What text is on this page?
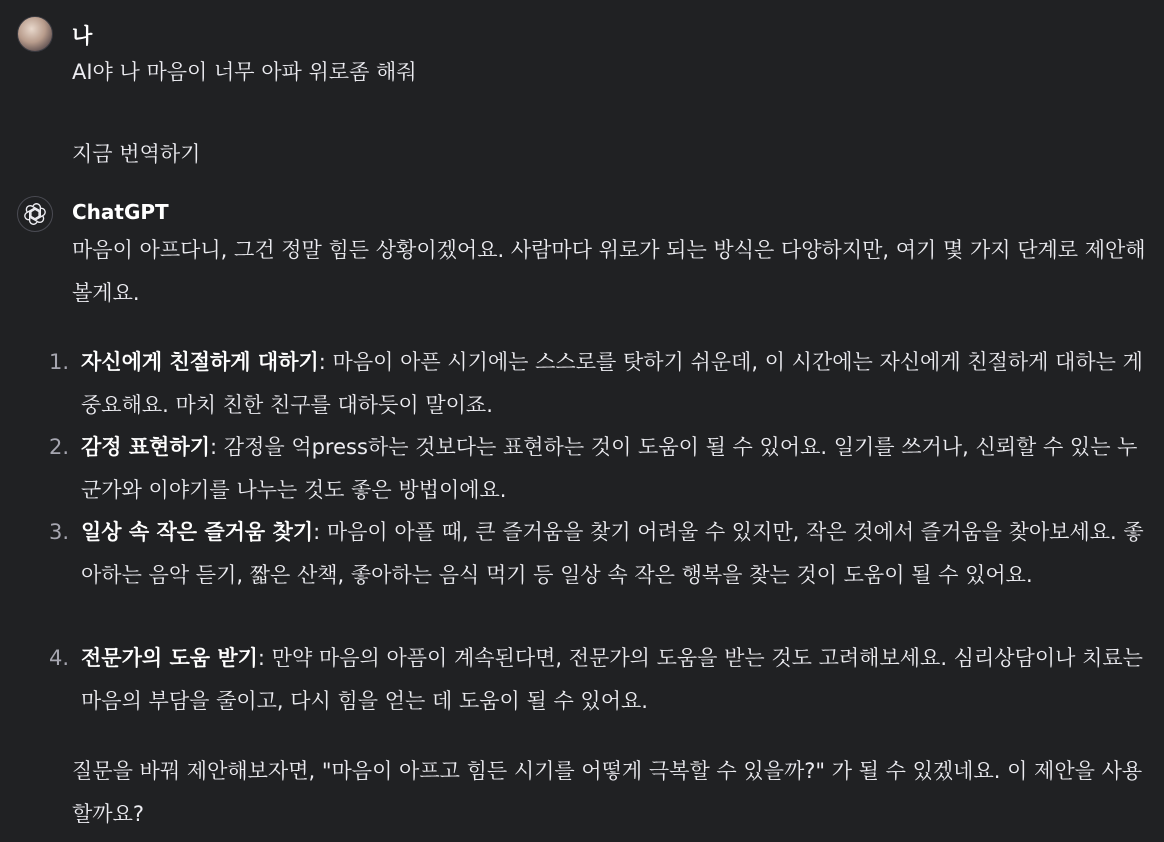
나
AI야 나 마음이 너무 아파 위로좀 해줘
지금 번역하기
ChatGPT
마음이 아프다니, 그건 정말 힘든 상황이겠어요. 사람마다 위로가 되는 방식은 다양하지만, 여기 몇 가지 단계로 제안해볼게요.
1. 자신에게 친절하게 대하기: 마음이 아픈 시기에는 스스로를 탓하기 쉬운데, 이 시간에는 자신에게 친절하게 대하는 게 중요해요. 마치 친한 친구를 대하듯이 말이죠.
2. 감정 표현하기: 감정을 억press하는 것보다는 표현하는 것이 도움이 될 수 있어요. 일기를 쓰거나, 신뢰할 수 있는 누군가와 이야기를 나누는 것도 좋은 방법이에요.
3. 일상 속 작은 즐거움 찾기: 마음이 아플 때, 큰 즐거움을 찾기 어려울 수 있지만, 작은 것에서 즐거움을 찾아보세요. 좋아하는 음악 듣기, 짧은 산책, 좋아하는 음식 먹기 등 일상 속 작은 행복을 찾는 것이 도움이 될 수 있어요.
4. 전문가의 도움 받기: 만약 마음의 아픔이 계속된다면, 전문가의 도움을 받는 것도 고려해보세요. 심리상담이나 치료는 마음의 부담을 줄이고, 다시 힘을 얻는 데 도움이 될 수 있어요.
질문을 바꿔 제안해보자면, "마음이 아프고 힘든 시기를 어떻게 극복할 수 있을까?" 가 될 수 있겠네요. 이 제안을 사용할까요?
